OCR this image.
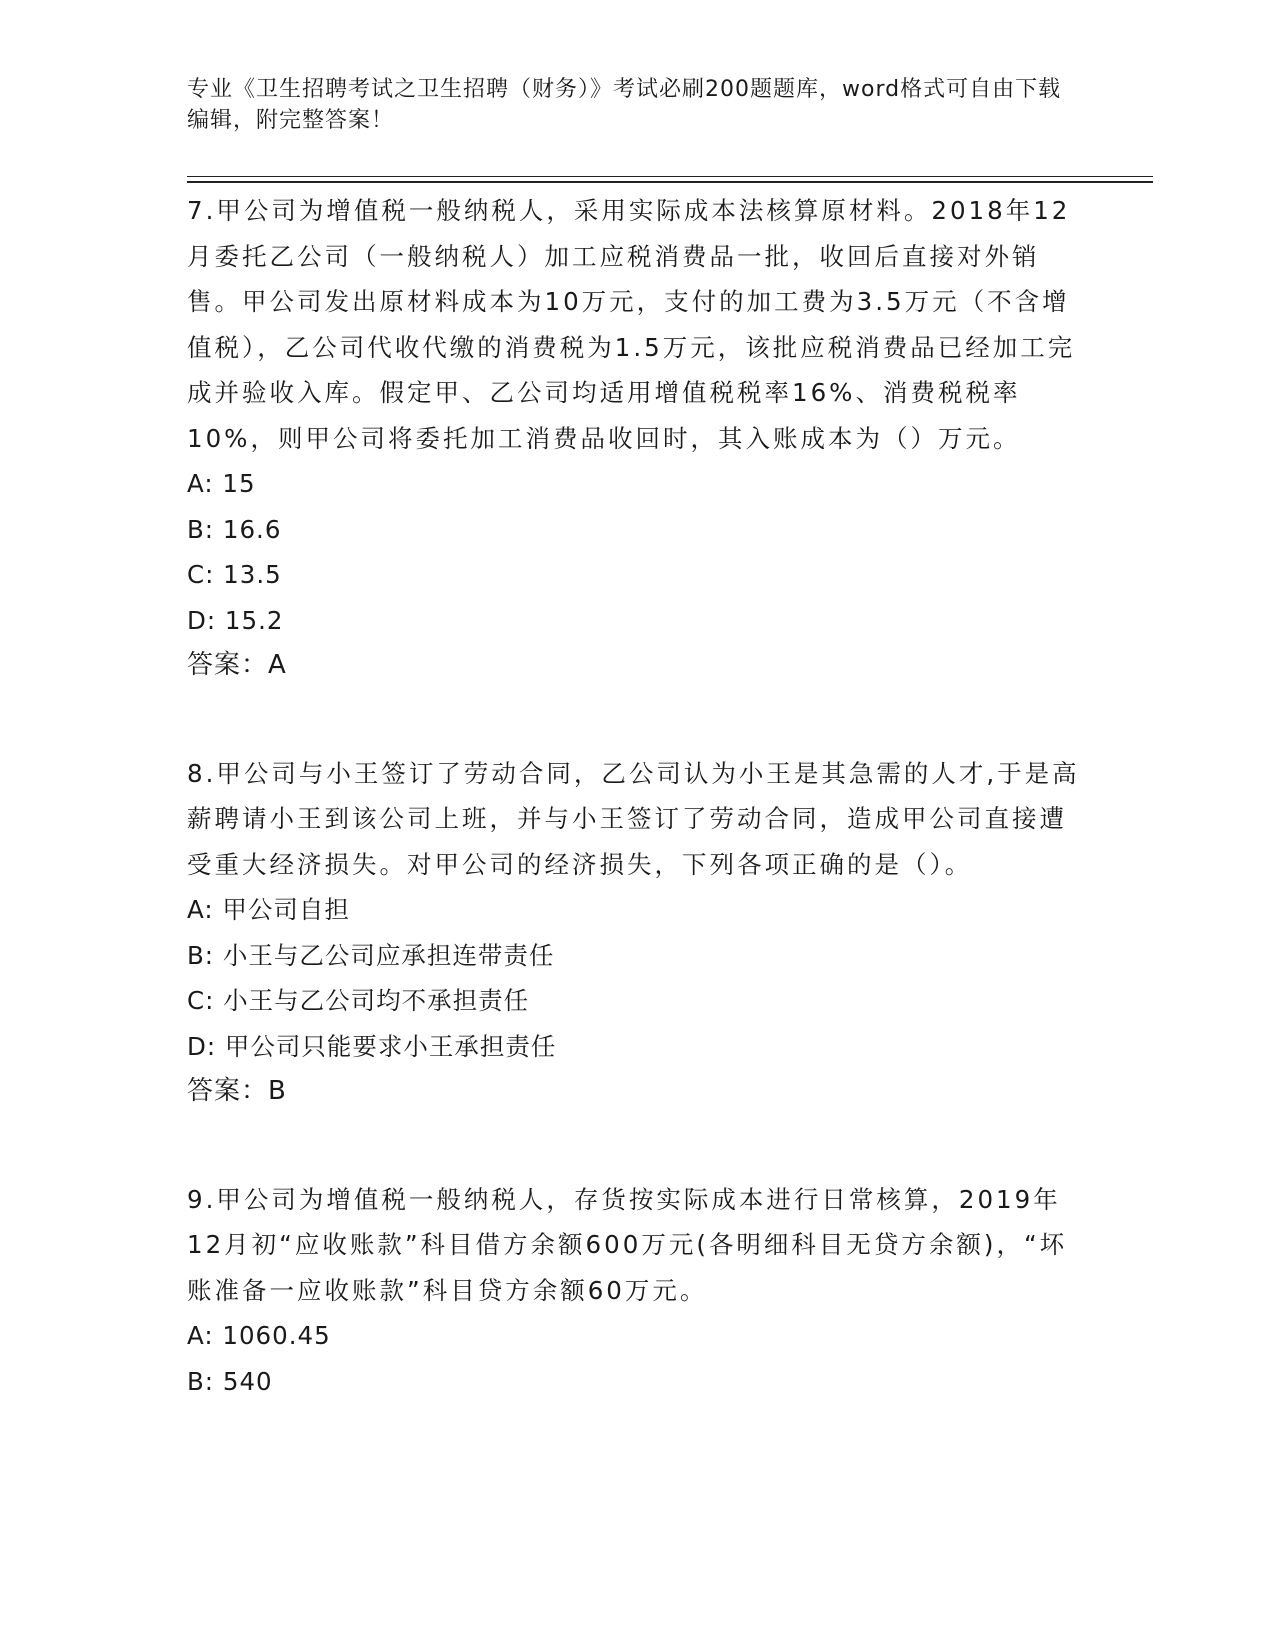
专业《卫生招聘考试之卫生招聘（财务）》考试必刷200题题库，word格式可自由下载编辑，附完整答案！

7.甲公司为增值税一般纳税人，采用实际成本法核算原材料。2018年12月委托乙公司（一般纳税人）加工应税消费品一批，收回后直接对外销售。甲公司发出原材料成本为10万元，支付的加工费为3.5万元（不含增值税），乙公司代收代缴的消费税为1.5万元，该批应税消费品已经加工完成并验收入库。假定甲、乙公司均适用增值税税率16%、消费税税率10%，则甲公司将委托加工消费品收回时，其入账成本为（）万元。

A: 15

B: 16.6

C: 13.5

D: 15.2

答案：A

8.甲公司与小王签订了劳动合同，乙公司认为小王是其急需的人才,于是高薪聘请小王到该公司上班，并与小王签订了劳动合同，造成甲公司直接遭受重大经济损失。对甲公司的经济损失，下列各项正确的是（）。

A: 甲公司自担

B: 小王与乙公司应承担连带责任

C: 小王与乙公司均不承担责任

D: 甲公司只能要求小王承担责任

答案：B

9.甲公司为增值税一般纳税人，存货按实际成本进行日常核算，2019年12月初“应收账款”科目借方余额600万元(各明细科目无贷方余额)，“坏账准备一应收账款”科目贷方余额60万元。

A: 1060.45

B: 540
